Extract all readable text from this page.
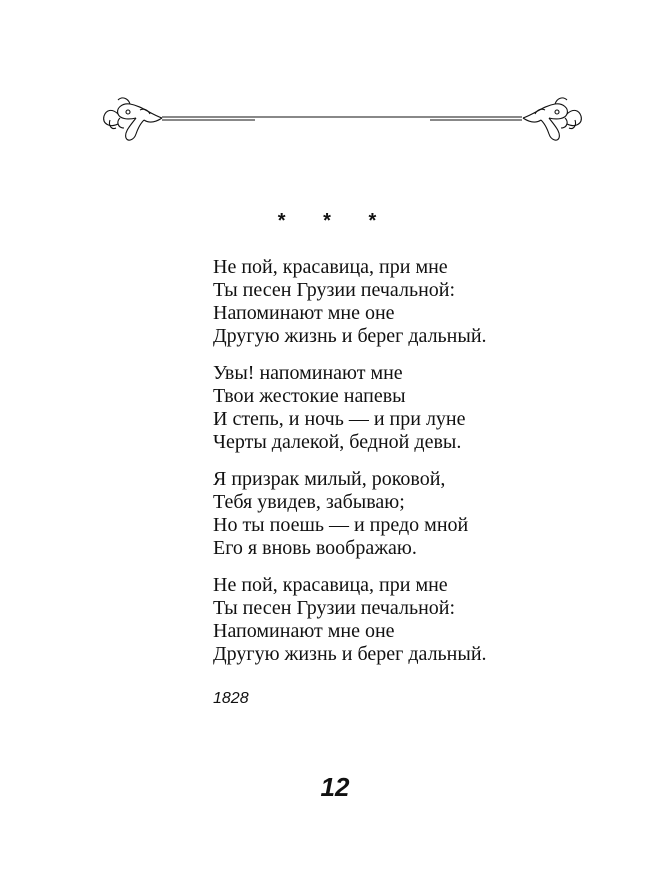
* * *
Не пой, красавица, при мне
Ты песен Грузии печальной:
Напоминают мне оне
Другую жизнь и берег дальный.
Увы! напоминают мне
Твои жестокие напевы
И степь, и ночь — и при луне
Черты далекой, бедной девы.
Я призрак милый, роковой,
Тебя увидев, забываю;
Но ты поешь — и предо мной
Его я вновь воображаю.
Не пой, красавица, при мне
Ты песен Грузии печальной:
Напоминают мне оне
Другую жизнь и берег дальный.
1828
12
